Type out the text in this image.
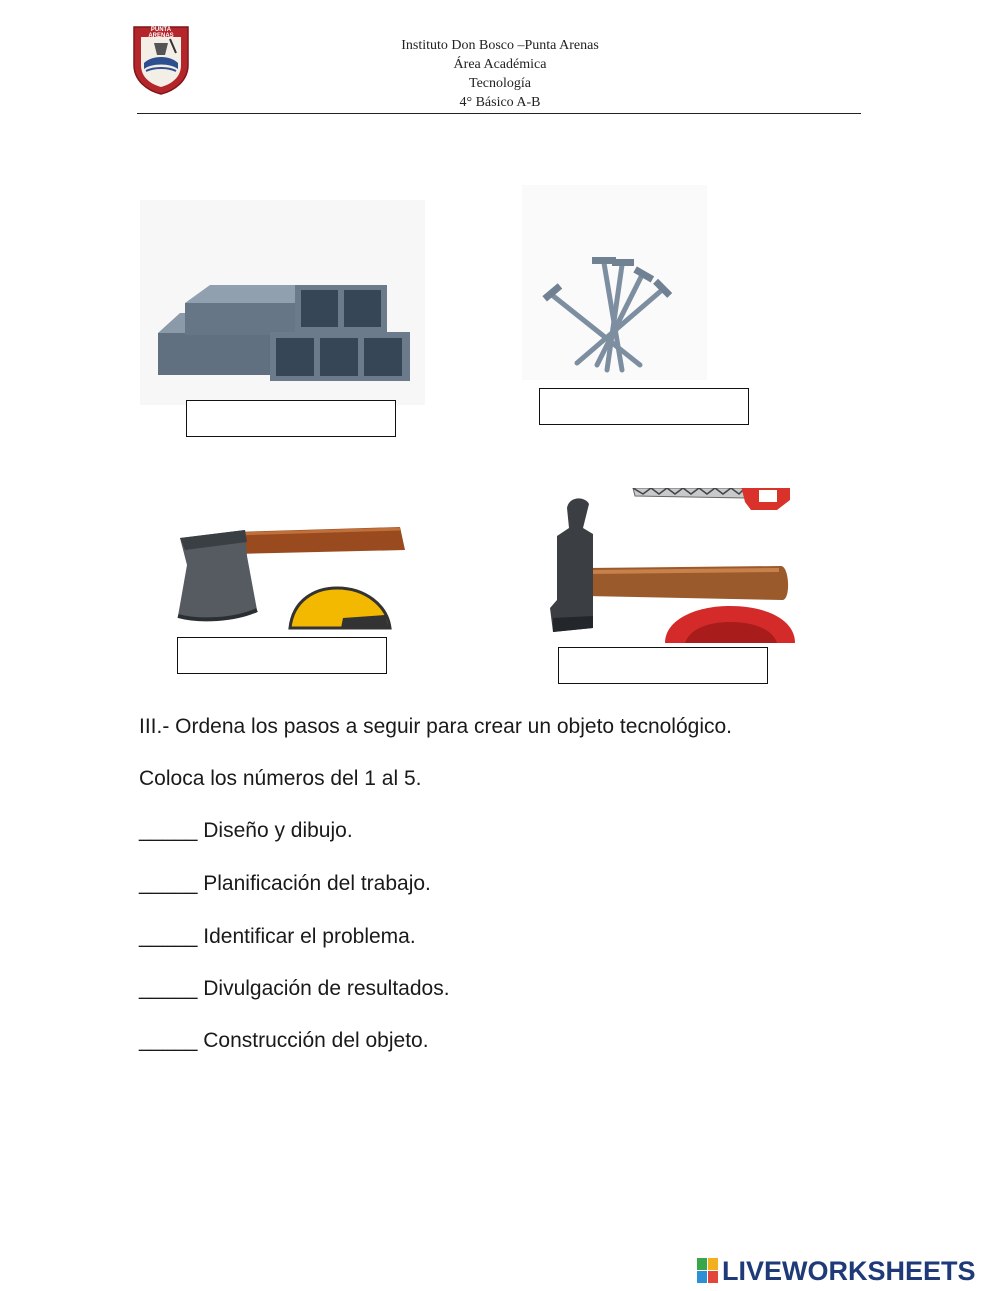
PUNTA ARENAS
Instituto Don Bosco –Punta Arenas
Área Académica
Tecnología
4° Básico A-B
III.- Ordena los pasos a seguir para crear un objeto tecnológico.
Coloca los números del 1 al 5.
_____ Diseño y dibujo.
_____ Planificación del trabajo.
_____ Identificar el problema.
_____ Divulgación de resultados.
_____ Construcción del objeto.
LIVEWORKSHEETS
